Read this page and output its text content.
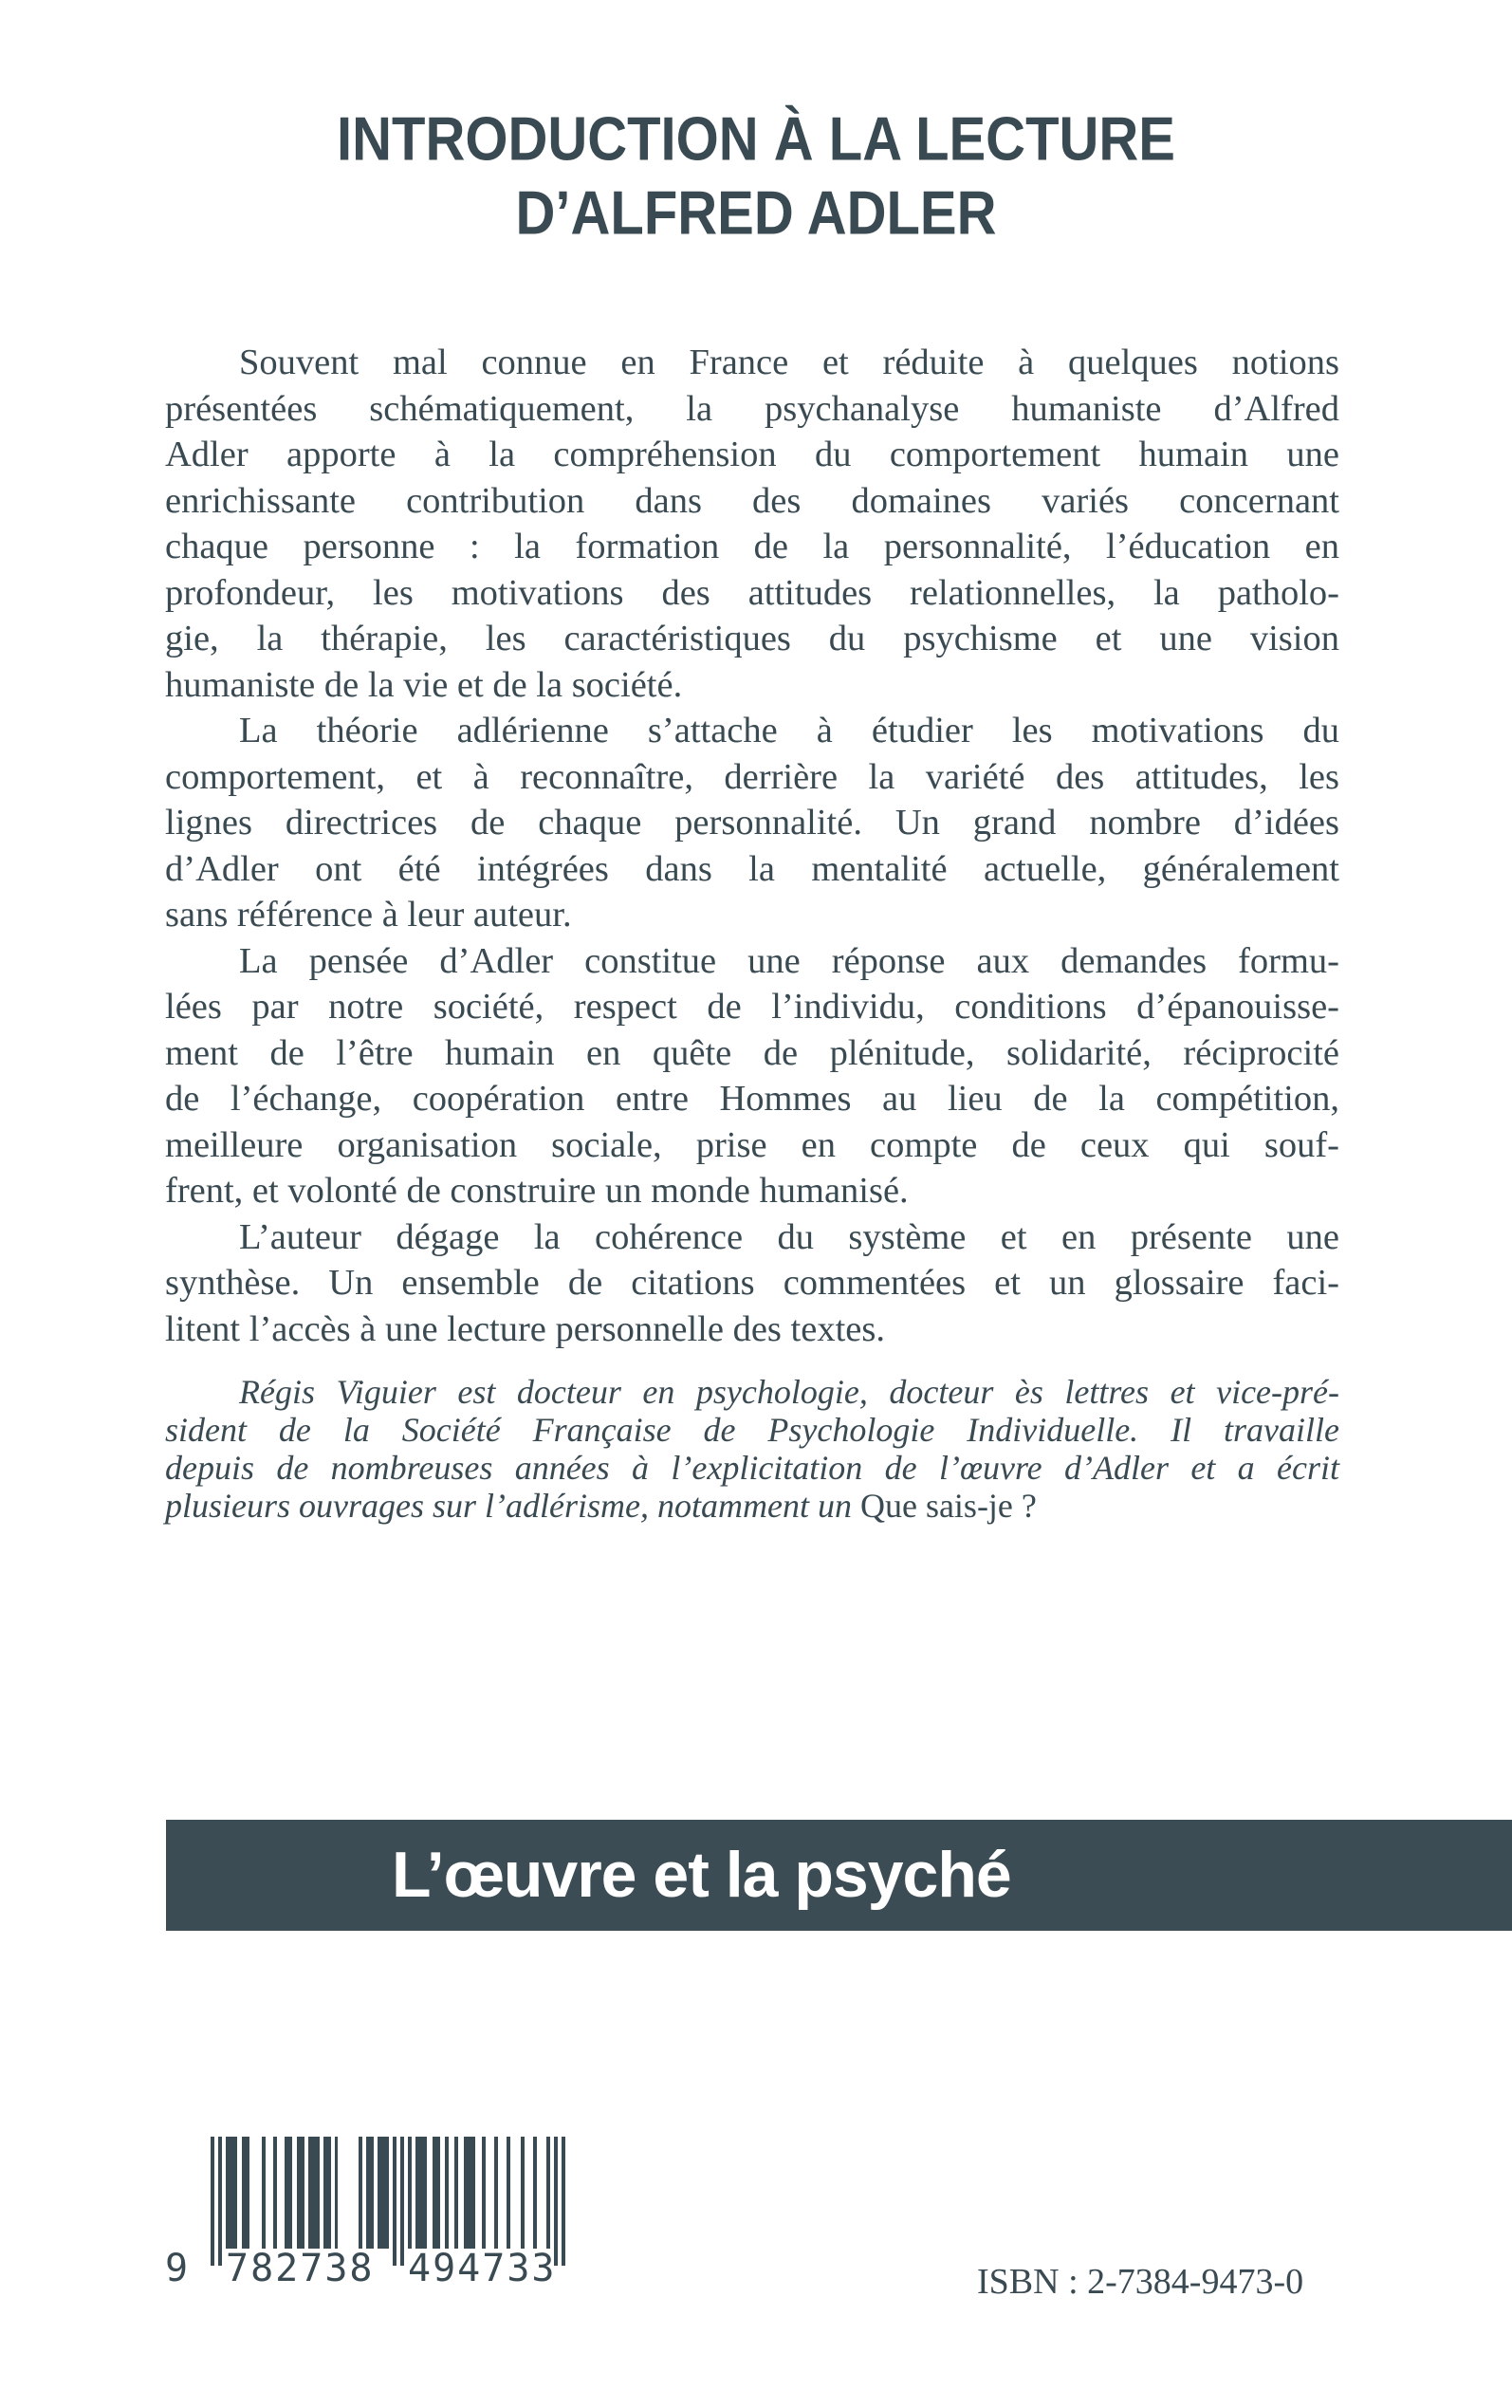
INTRODUCTION À LA LECTURE
D’ALFRED ADLER

Souvent mal connue en France et réduite à quelques notions
présentées schématiquement, la psychanalyse humaniste d’Alfred
Adler apporte à la compréhension du comportement humain une
enrichissante contribution dans des domaines variés concernant
chaque personne : la formation de la personnalité, l’éducation en
profondeur, les motivations des attitudes relationnelles, la patholo-
gie, la thérapie, les caractéristiques du psychisme et une vision
humaniste de la vie et de la société.

La théorie adlérienne s’attache à étudier les motivations du
comportement, et à reconnaître, derrière la variété des attitudes, les
lignes directrices de chaque personnalité. Un grand nombre d’idées
d’Adler ont été intégrées dans la mentalité actuelle, généralement
sans référence à leur auteur.

La pensée d’Adler constitue une réponse aux demandes formu-
lées par notre société, respect de l’individu, conditions d’épanouisse-
ment de l’être humain en quête de plénitude, solidarité, réciprocité
de l’échange, coopération entre Hommes au lieu de la compétition,
meilleure organisation sociale, prise en compte de ceux qui souf-
frent, et volonté de construire un monde humanisé.

L’auteur dégage la cohérence du système et en présente une
synthèse. Un ensemble de citations commentées et un glossaire faci-
litent l’accès à une lecture personnelle des textes.

Régis Viguier est docteur en psychologie, docteur ès lettres et vice-pré-
sident de la Société Française de Psychologie Individuelle. Il travaille
depuis de nombreuses années à l’explicitation de l’œuvre d’Adler et a écrit
plusieurs ouvrages sur l’adlérisme, notamment un Que sais-je ?
L’œuvre et la psyché
9 782738 494733	ISBN : 2-7384-9473-0
